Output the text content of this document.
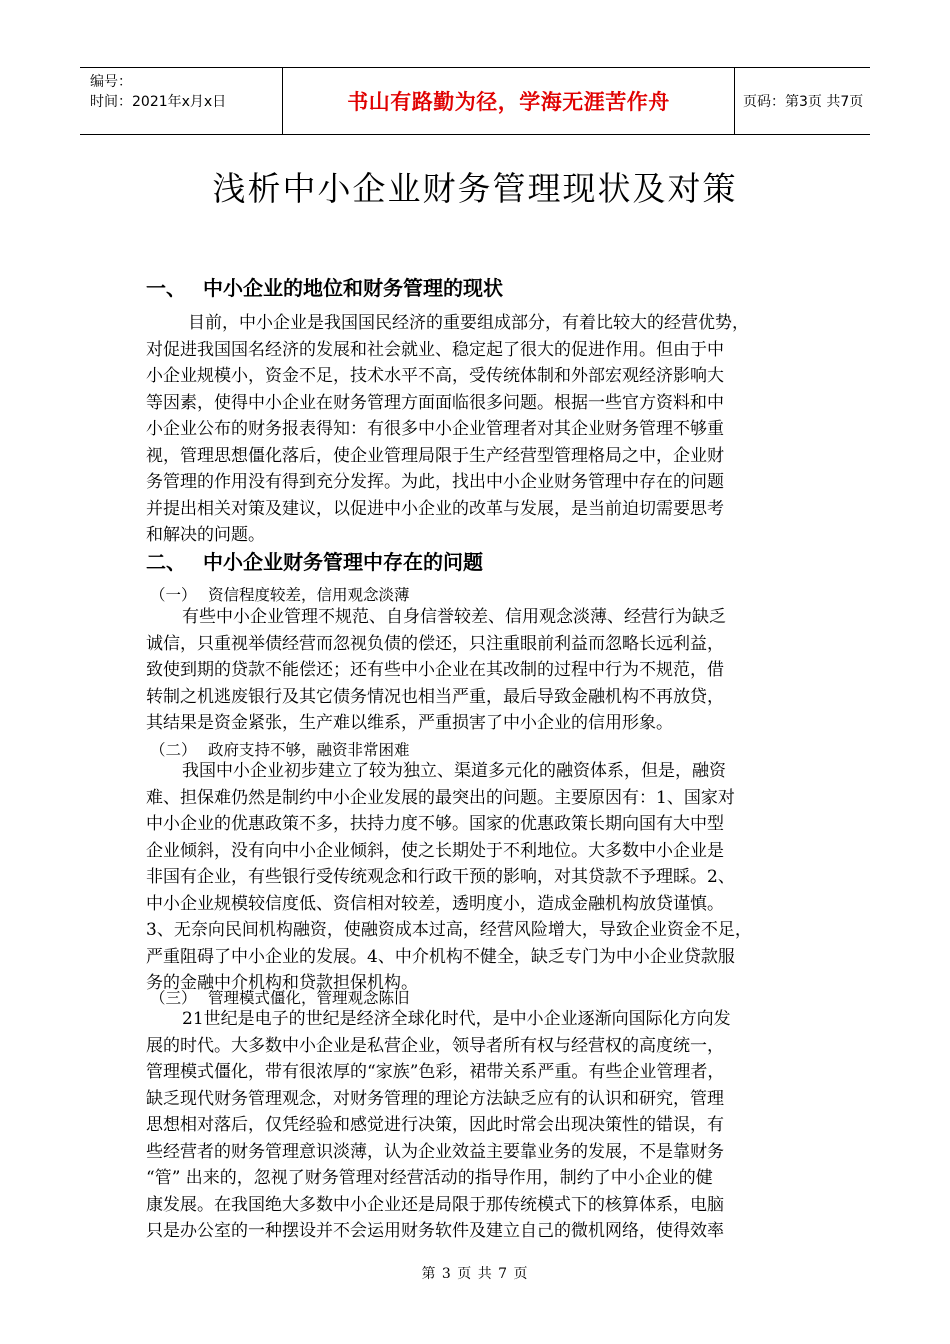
编号：
时间：2021年x月x日	书山有路勤为径，学海无涯苦作舟	页码：第3页 共7页
浅析中小企业财务管理现状及对策
一、 中小企业的地位和财务管理的现状
目前，中小企业是我国国民经济的重要组成部分，有着比较大的经营优势，
对促进我国国名经济的发展和社会就业、稳定起了很大的促进作用。但由于中
小企业规模小，资金不足，技术水平不高，受传统体制和外部宏观经济影响大
等因素，使得中小企业在财务管理方面面临很多问题。根据一些官方资料和中
小企业公布的财务报表得知：有很多中小企业管理者对其企业财务管理不够重
视，管理思想僵化落后，使企业管理局限于生产经营型管理格局之中，企业财
务管理的作用没有得到充分发挥。为此，找出中小企业财务管理中存在的问题
并提出相关对策及建议，以促进中小企业的改革与发展，是当前迫切需要思考
和解决的问题。
二、 中小企业财务管理中存在的问题
（一） 资信程度较差，信用观念淡薄
有些中小企业管理不规范、自身信誉较差、信用观念淡薄、经营行为缺乏
诚信，只重视举债经营而忽视负债的偿还，只注重眼前利益而忽略长远利益，
致使到期的贷款不能偿还；还有些中小企业在其改制的过程中行为不规范，借
转制之机逃废银行及其它债务情况也相当严重，最后导致金融机构不再放贷，
其结果是资金紧张，生产难以维系，严重损害了中小企业的信用形象。
（二） 政府支持不够，融资非常困难
我国中小企业初步建立了较为独立、渠道多元化的融资体系，但是，融资
难、担保难仍然是制约中小企业发展的最突出的问题。主要原因有：1、国家对
中小企业的优惠政策不多，扶持力度不够。国家的优惠政策长期向国有大中型
企业倾斜，没有向中小企业倾斜，使之长期处于不利地位。大多数中小企业是
非国有企业，有些银行受传统观念和行政干预的影响，对其贷款不予理睬。2、
中小企业规模较信度低、资信相对较差，透明度小，造成金融机构放贷谨慎。
3、无奈向民间机构融资，使融资成本过高，经营风险增大，导致企业资金不足，
严重阻碍了中小企业的发展。4、中介机构不健全，缺乏专门为中小企业贷款服
务的金融中介机构和贷款担保机构。
（三） 管理模式僵化，管理观念陈旧
21世纪是电子的世纪是经济全球化时代，是中小企业逐渐向国际化方向发
展的时代。大多数中小企业是私营企业，领导者所有权与经营权的高度统一，
管理模式僵化，带有很浓厚的“家族”色彩，裙带关系严重。有些企业管理者，
缺乏现代财务管理观念，对财务管理的理论方法缺乏应有的认识和研究，管理
思想相对落后，仅凭经验和感觉进行决策，因此时常会出现决策性的错误，有
些经营者的财务管理意识淡薄，认为企业效益主要靠业务的发展，不是靠财务
“管” 出来的，忽视了财务管理对经营活动的指导作用，制约了中小企业的健
康发展。在我国绝大多数中小企业还是局限于那传统模式下的核算体系，电脑
只是办公室的一种摆设并不会运用财务软件及建立自己的微机网络，使得效率
第 3 页 共 7 页
